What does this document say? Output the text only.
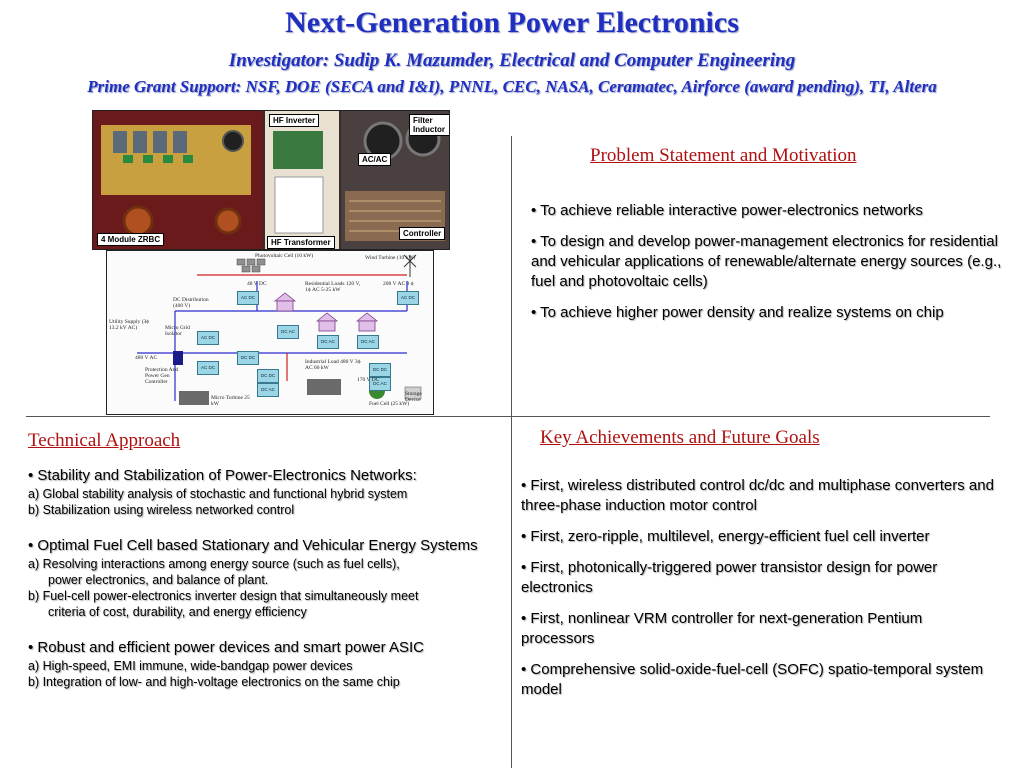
Next-Generation Power Electronics
Investigator: Sudip K. Mazumder, Electrical and Computer Engineering
Prime Grant Support: NSF, DOE (SECA and I&I), PNNL, CEC, NASA, Ceramatec, Airforce (award pending), TI, Altera
HF Inverter	Filter Inductor
AC/AC
Controller
4 Module ZRBC	HF Transformer
AC DC
DC AC
DC AC	DC AC
AC DC
DC DC
AC DC
DC DC
DC DC
DC AC
DC AC
AC DC
Photovoltaic Cell (10 kW)	Wind Turbine (10 kW)
48 V DC	Residential Loads 120 V, 1ϕ AC 5-25 kW
208 V AC 3 ϕ
DC Distribution (400 V)
Utility Supply (3ϕ 13.2 kV AC)	Micro Grid Isolator
480 V AC
Protection And Power Gen Controller
Industrial Load 480 V 3ϕ AC 60 kW
170 V DC
Storage Device
Micro Turbine 25 kW	Fuel Cell (25 kW)
Problem Statement and Motivation
• To achieve reliable interactive power-electronics networks
• To design and develop power-management electronics for residential and vehicular applications of renewable/alternate energy sources (e.g., fuel and photovoltaic cells)
• To achieve higher power density and realize systems on chip
Technical Approach
• Stability and Stabilization of Power-Electronics Networks:
a) Global stability analysis of stochastic and functional hybrid system
b) Stabilization using wireless networked control
• Optimal Fuel Cell based Stationary and Vehicular Energy Systems
a) Resolving interactions among energy source (such as fuel cells),
power electronics, and balance of plant.
b) Fuel-cell power-electronics inverter design that simultaneously meet
criteria of cost, durability, and energy efficiency
• Robust and efficient power devices and smart power ASIC
a) High-speed, EMI immune, wide-bandgap power devices
b) Integration of low- and high-voltage electronics on the same chip
Key Achievements and Future Goals
• First, wireless distributed control dc/dc and multiphase converters and three-phase induction motor control
• First, zero-ripple, multilevel, energy-efficient fuel cell inverter
• First, photonically-triggered power transistor design for power electronics
• First, nonlinear VRM controller for next-generation Pentium processors
• Comprehensive solid-oxide-fuel-cell (SOFC) spatio-temporal system model
